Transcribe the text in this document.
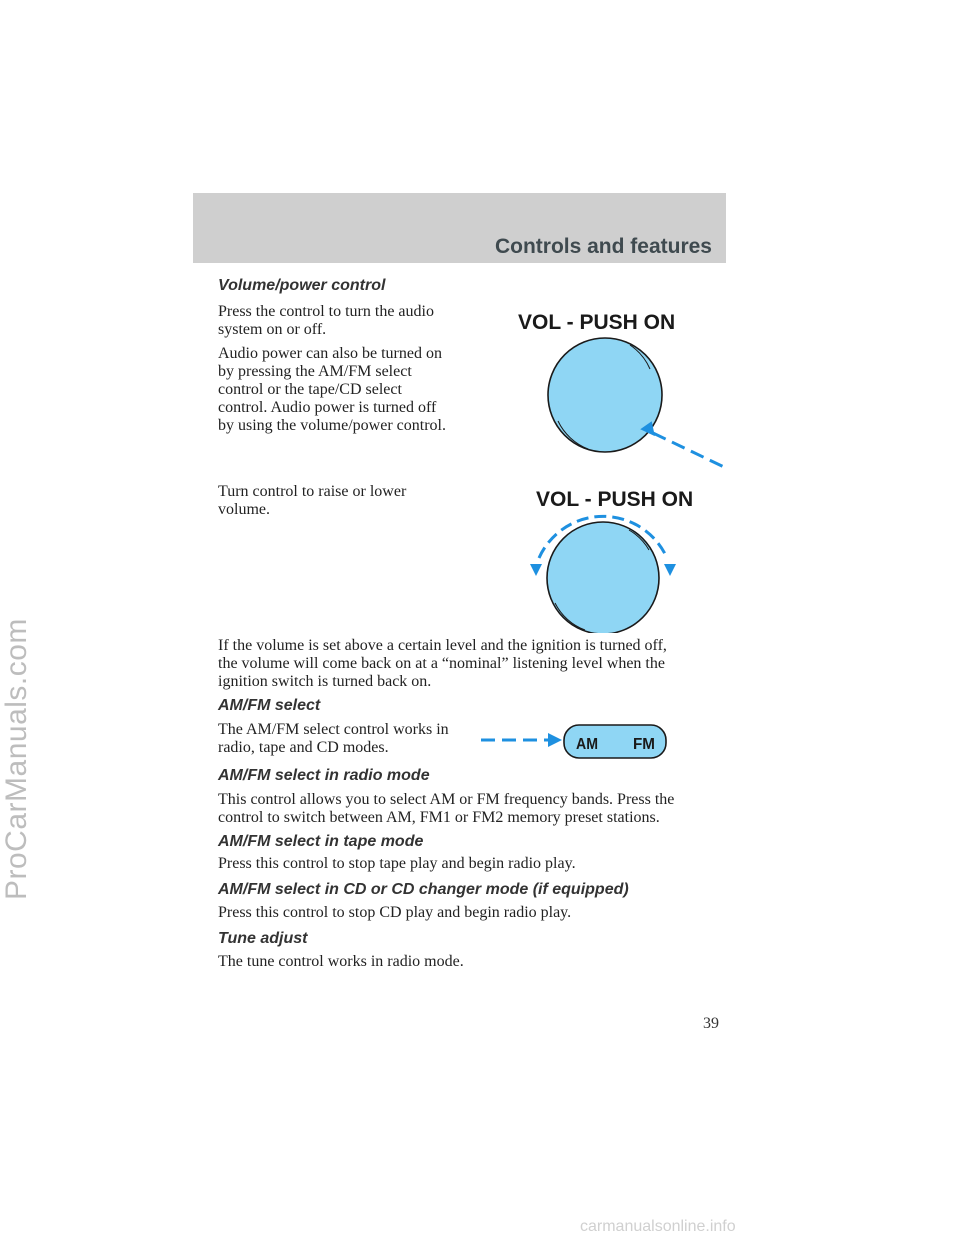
ProCarManuals.com
Controls and features
Volume/power control
Press the control to turn the audio system on or off.
Audio power can also be turned on
by pressing the AM/FM select
control or the tape/CD select
control. Audio power is turned off
by using the volume/power control.
VOL - PUSH ON
Turn control to raise or lower
volume.	VOL - PUSH ON
If the volume is set above a certain level and the ignition is turned off,
the volume will come back on at a “nominal” listening level when the
ignition switch is turned back on.
AM/FM select
The AM/FM select control works in
radio, tape and CD modes.	AM FM
AM/FM select in radio mode
This control allows you to select AM or FM frequency bands. Press the
control to switch between AM, FM1 or FM2 memory preset stations.
AM/FM select in tape mode
Press this control to stop tape play and begin radio play.
AM/FM select in CD or CD changer mode (if equipped)
Press this control to stop CD play and begin radio play.
Tune adjust
The tune control works in radio mode.
39
carmanualsonline.info
